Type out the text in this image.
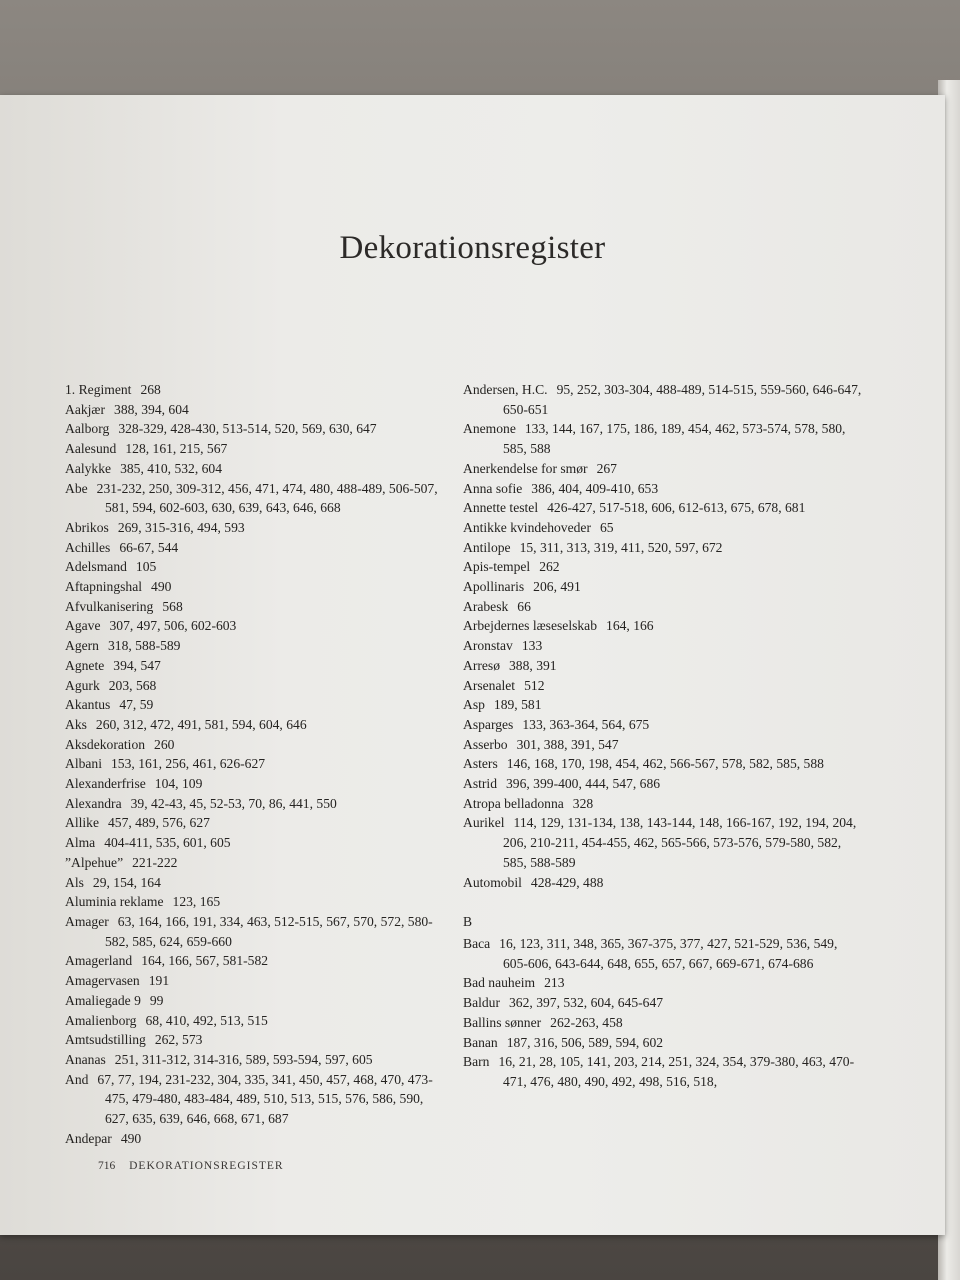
Dekorationsregister
1. Regiment 268
Aakjær 388, 394, 604
Aalborg 328-329, 428-430, 513-514, 520, 569, 630, 647
Aalesund 128, 161, 215, 567
Aalykke 385, 410, 532, 604
Abe 231-232, 250, 309-312, 456, 471, 474, 480, 488-489, 506-507, 581, 594, 602-603, 630, 639, 643, 646, 668
Abrikos 269, 315-316, 494, 593
Achilles 66-67, 544
Adelsmand 105
Aftapningshal 490
Afvulkanisering 568
Agave 307, 497, 506, 602-603
Agern 318, 588-589
Agnete 394, 547
Agurk 203, 568
Akantus 47, 59
Aks 260, 312, 472, 491, 581, 594, 604, 646
Aksdekoration 260
Albani 153, 161, 256, 461, 626-627
Alexanderfrise 104, 109
Alexandra 39, 42-43, 45, 52-53, 70, 86, 441, 550
Allike 457, 489, 576, 627
Alma 404-411, 535, 601, 605
”Alpehue” 221-222
Als 29, 154, 164
Aluminia reklame 123, 165
Amager 63, 164, 166, 191, 334, 463, 512-515, 567, 570, 572, 580-582, 585, 624, 659-660
Amagerland 164, 166, 567, 581-582
Amagervasen 191
Amaliegade 9 99
Amalienborg 68, 410, 492, 513, 515
Amtsudstilling 262, 573
Ananas 251, 311-312, 314-316, 589, 593-594, 597, 605
And 67, 77, 194, 231-232, 304, 335, 341, 450, 457, 468, 470, 473-475, 479-480, 483-484, 489, 510, 513, 515, 576, 586, 590, 627, 635, 639, 646, 668, 671, 687
Andepar 490
Andersen, H.C. 95, 252, 303-304, 488-489, 514-515, 559-560, 646-647, 650-651
Anemone 133, 144, 167, 175, 186, 189, 454, 462, 573-574, 578, 580, 585, 588
Anerkendelse for smør 267
Anna sofie 386, 404, 409-410, 653
Annette testel 426-427, 517-518, 606, 612-613, 675, 678, 681
Antikke kvindehoveder 65
Antilope 15, 311, 313, 319, 411, 520, 597, 672
Apis-tempel 262
Apollinaris 206, 491
Arabesk 66
Arbejdernes læseselskab 164, 166
Aronstav 133
Arresø 388, 391
Arsenalet 512
Asp 189, 581
Asparges 133, 363-364, 564, 675
Asserbo 301, 388, 391, 547
Asters 146, 168, 170, 198, 454, 462, 566-567, 578, 582, 585, 588
Astrid 396, 399-400, 444, 547, 686
Atropa belladonna 328
Aurikel 114, 129, 131-134, 138, 143-144, 148, 166-167, 192, 194, 204, 206, 210-211, 454-455, 462, 565-566, 573-576, 579-580, 582, 585, 588-589
Automobil 428-429, 488
B
Baca 16, 123, 311, 348, 365, 367-375, 377, 427, 521-529, 536, 549, 605-606, 643-644, 648, 655, 657, 667, 669-671, 674-686
Bad nauheim 213
Baldur 362, 397, 532, 604, 645-647
Ballins sønner 262-263, 458
Banan 187, 316, 506, 589, 594, 602
Barn 16, 21, 28, 105, 141, 203, 214, 251, 324, 354, 379-380, 463, 470-471, 476, 480, 490, 492, 498, 516, 518,
716 DEKORATIONSREGISTER
